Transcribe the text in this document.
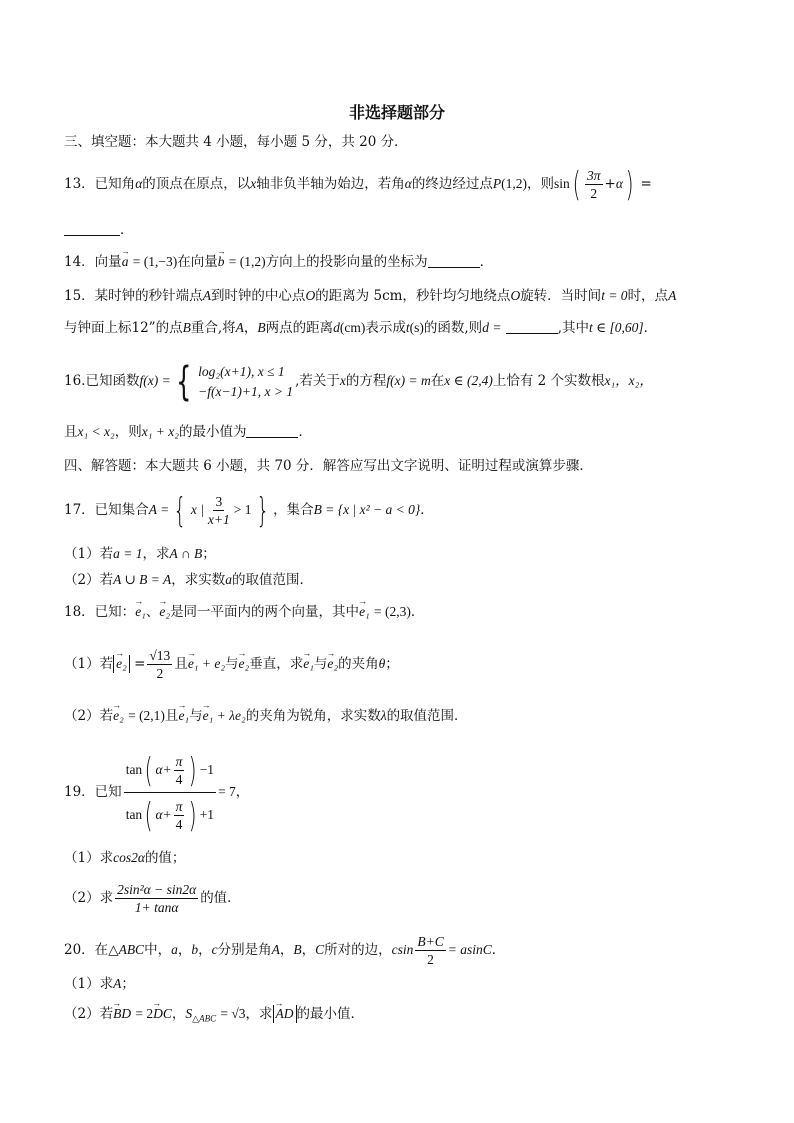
非选择题部分
三、填空题：本大题共 4 小题，每小题 5 分，共 20 分．
13．已知角α的顶点在原点，以x轴非负半轴为始边，若角α的终边经过点P(1,2)，则$\sin( \frac{3\pi}{2} +\alpha)$ =
．
14．向量→ a = (1,−3)在向量→ b = (1,2)方向上的投影向量的坐标为	．
15．某时钟的秒针端点A到时钟的中心点O的距离为 5cm，秒针均匀地绕点O旋转．当时间t = 0时，点A
与钟面上标12”的点B重合,将A，B两点的距离d(cm)表示成t(s)的函数,则d =	,其中t ∈ [0,60]．
16.已知函数f(x) = { log₂(x+1), x ≤ 1
−f(x−1)+1, x > 1
,若关于x的方程f(x) = m在x ∈ (2,4)上恰有 2 个实数根x₁，x₂，
且x₁ < x₂，则x₁ + x₂的最小值为	．
四、解答题：本大题共 6 小题，共 70 分．解答应写出文字说明、证明过程或演算步骤．
17．已知集合A = { x | $\frac{3}{x+1} > 1$ } ，集合B = {x | x² − a < 0}．
（1）若a = 1，求A ∩ B；
（2）若A ∪ B = A，求实数a的取值范围．
18．已知：→ e₁、→ e₂是同一平面内的两个向量，其中→ e₁ = (2,3)．
（1）若 → $e_2 = \frac{√13}{2}$ 且→ e₁ + e₂与→ e₂垂直，求→ e₁与→ e₂的夹角θ；
（2）若→ e₂ = (2,1)且→ e₁与→ e₁ + λe₂的夹角为锐角，求实数λ的取值范围．
19．已知 $\frac{\tan( \alpha+ \frac{\pi}{4} ) -1}{\tan( \alpha+ \frac{\pi}{4} ) +1} = 7$，
（1）求cos2α的值；
（2）求 $\frac{\text{2sin²α − sin2α}}{1+ \tan\alpha}$ 的值．
20．在△ABC中，a，b，c分别是角A，B，C所对的边，csin $\frac{B+C}{2} = asinC$．
（1）求A；
（2）若→ BD = 2→ DC，$S_{\triangle ABC} = √3$，求 → AD 的最小值．
